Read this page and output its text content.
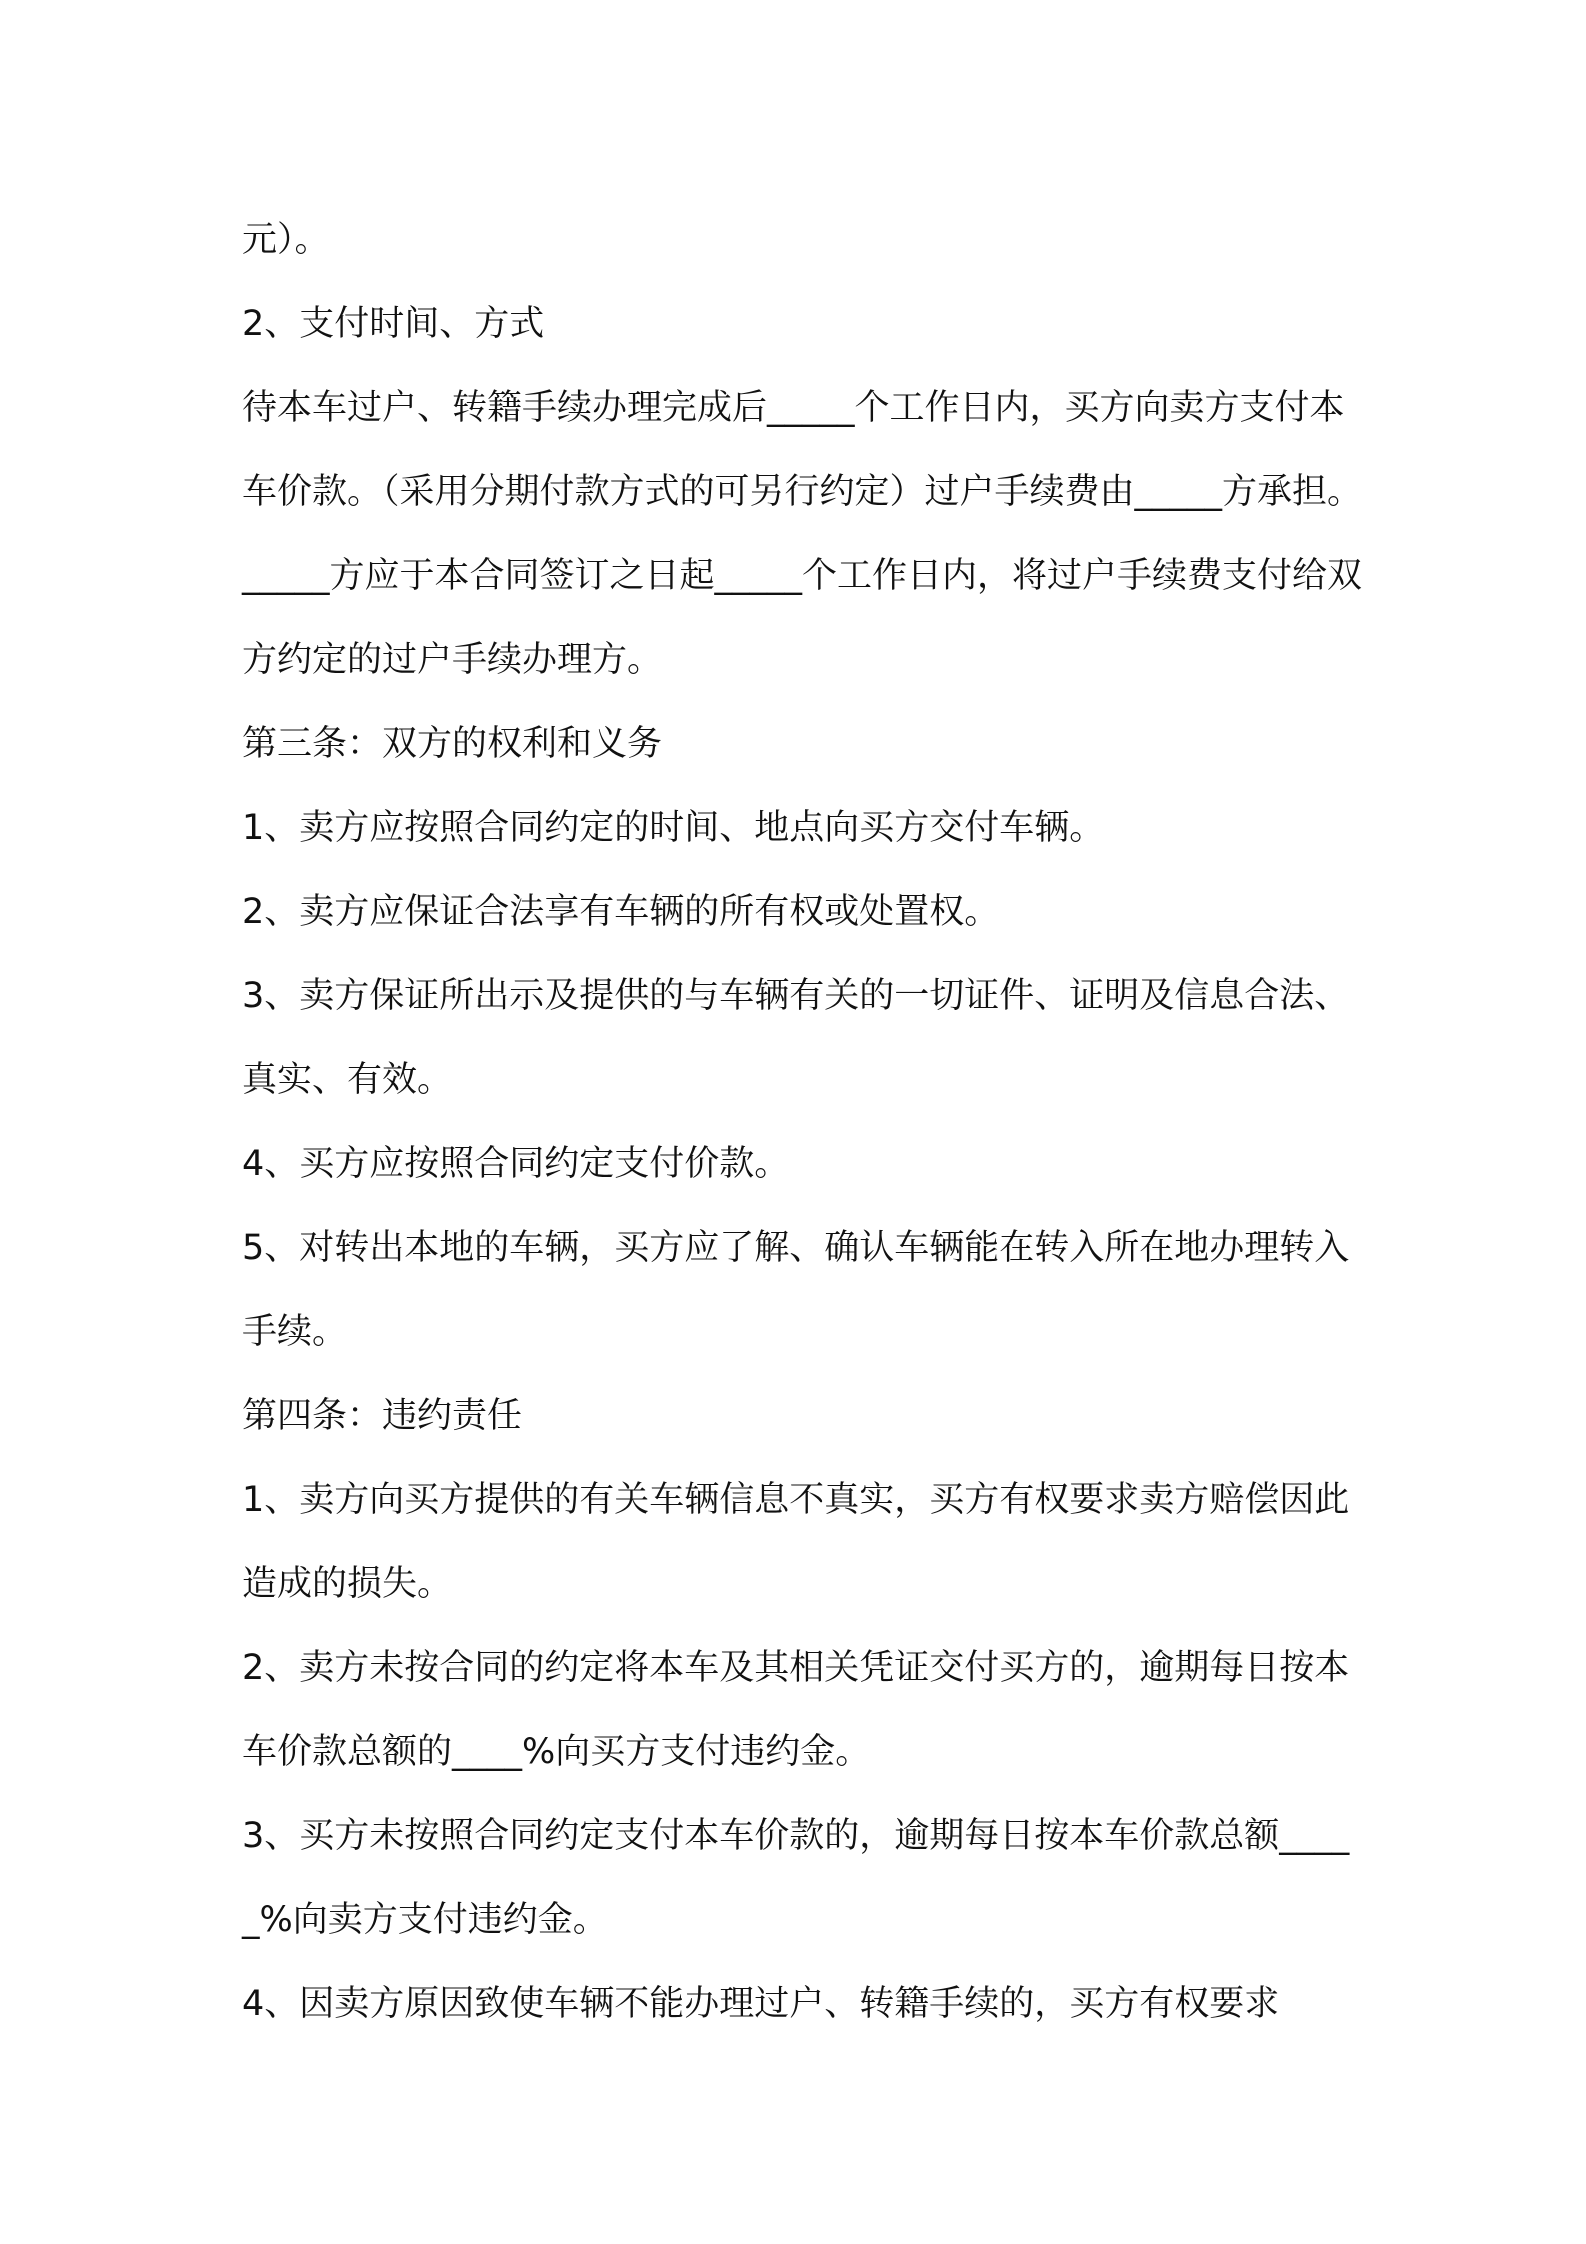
元）。

2、支付时间、方式

待本车过户、转籍手续办理完成后_____个工作日内，买方向卖方支付本车价款。（采用分期付款方式的可另行约定）过户手续费由_____方承担。_____方应于本合同签订之日起_____个工作日内，将过户手续费支付给双方约定的过户手续办理方。

第三条：双方的权利和义务

1、卖方应按照合同约定的时间、地点向买方交付车辆。

2、卖方应保证合法享有车辆的所有权或处置权。

3、卖方保证所出示及提供的与车辆有关的一切证件、证明及信息合法、真实、有效。

4、买方应按照合同约定支付价款。

5、对转出本地的车辆，买方应了解、确认车辆能在转入所在地办理转入手续。

第四条：违约责任

1、卖方向买方提供的有关车辆信息不真实，买方有权要求卖方赔偿因此造成的损失。

2、卖方未按合同的约定将本车及其相关凭证交付买方的，逾期每日按本车价款总额的____%向买方支付违约金。

3、买方未按照合同约定支付本车价款的，逾期每日按本车价款总额_____%向卖方支付违约金。

4、因卖方原因致使车辆不能办理过户、转籍手续的，买方有权要求
